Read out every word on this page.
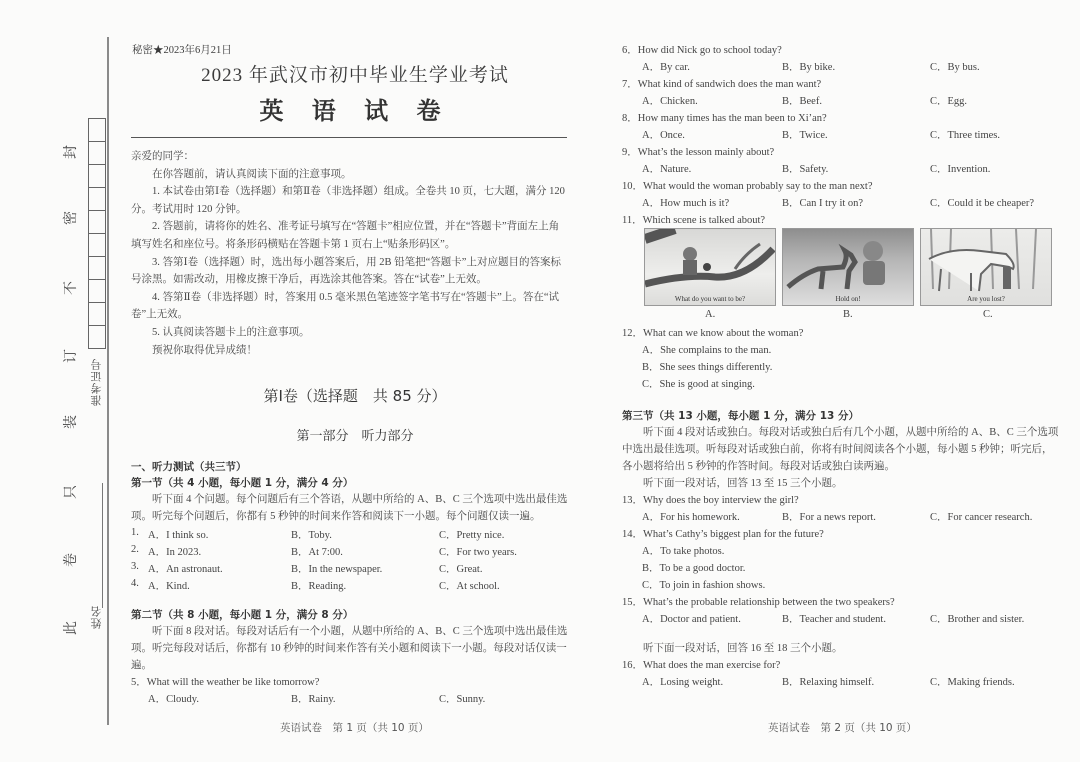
封
密
不
订
装
只
卷
此
准考证号
姓名
秘密★2023年6月21日
2023 年武汉市初中毕业生学业考试
英 语 试 卷

亲爱的同学：

在你答题前，请认真阅读下面的注意事项。

1. 本试卷由第Ⅰ卷（选择题）和第Ⅱ卷（非选择题）组成。全卷共 10 页，七大题，满分 120 分。考试用时 120 分钟。

2. 答题前，请将你的姓名、准考证号填写在“答题卡”相应位置，并在“答题卡”背面左上角填写姓名和座位号。将条形码横贴在答题卡第 1 页右上“贴条形码区”。

3. 答第Ⅰ卷（选择题）时，选出每小题答案后，用 2B 铅笔把“答题卡”上对应题目的答案标号涂黑。如需改动，用橡皮擦干净后，再选涂其他答案。答在“试卷”上无效。

4. 答第Ⅱ卷（非选择题）时，答案用 0.5 毫米黑色笔迹签字笔书写在“答题卡”上。答在“试卷”上无效。

5. 认真阅读答题卡上的注意事项。

预祝你取得优异成绩！

第Ⅰ卷（选择题　共 85 分）
第一部分　听力部分
一、听力测试（共三节）
第一节（共 4 小题，每小题 1 分，满分 4 分）
听下面 4 个问题。每个问题后有三个答语，从题中所给的 A、B、C 三个选项中选出最佳选项。听完每个问题后，你都有 5 秒钟的时间来作答和阅读下一小题。每个问题仅读一遍。
1. A．I think so.	B．Toby.	C．Pretty nice.
2. A．In 2023.	B．At 7:00.	C．For two years.
3. A．An astronaut.	B．In the newspaper.	C．Great.
4. A．Kind.	B．Reading.	C．At school.
第二节（共 8 小题，每小题 1 分，满分 8 分）
听下面 8 段对话。每段对话后有一个小题，从题中所给的 A、B、C 三个选项中选出最佳选项。听完每段对话后，你都有 10 秒钟的时间来作答有关小题和阅读下一小题。每段对话仅读一遍。
5．What will the weather be like tomorrow?
A．Cloudy.	B．Rainy.	C．Sunny.
英语试卷　第 1 页（共 10 页）
6．How did Nick go to school today?
A．By car.	B．By bike.	C．By bus.
7．What kind of sandwich does the man want?
A．Chicken.	B．Beef.	C．Egg.
8．How many times has the man been to Xi’an?
A．Once.	B．Twice.	C．Three times.
9．What’s the lesson mainly about?
A．Nature.	B．Safety.	C．Invention.
10．What would the woman probably say to the man next?
A．How much is it?	B．Can I try it on?	C．Could it be cheaper?
11．Which scene is talked about?
What do you want to be?	Hold on!	Are you lost?
A.	B.	C.
12．What can we know about the woman?
A．She complains to the man.
B．She sees things differently.
C．She is good at singing.
第三节（共 13 小题，每小题 1 分，满分 13 分）
听下面 4 段对话或独白。每段对话或独白后有几个小题，从题中所给的 A、B、C 三个选项中选出最佳选项。听每段对话或独白前，你将有时间阅读各个小题，每小题 5 秒钟；听完后，各小题将给出 5 秒钟的作答时间。每段对话或独白读两遍。
听下面一段对话，回答 13 至 15 三个小题。
13．Why does the boy interview the girl?
A．For his homework.	B．For a news report.	C．For cancer research.
14．What’s Cathy’s biggest plan for the future?
A．To take photos.
B．To be a good doctor.
C．To join in fashion shows.
15．What’s the probable relationship between the two speakers?
A．Doctor and patient.	B．Teacher and student.	C．Brother and sister.
听下面一段对话，回答 16 至 18 三个小题。
16．What does the man exercise for?
A．Losing weight.	B．Relaxing himself.	C．Making friends.
英语试卷　第 2 页（共 10 页）
